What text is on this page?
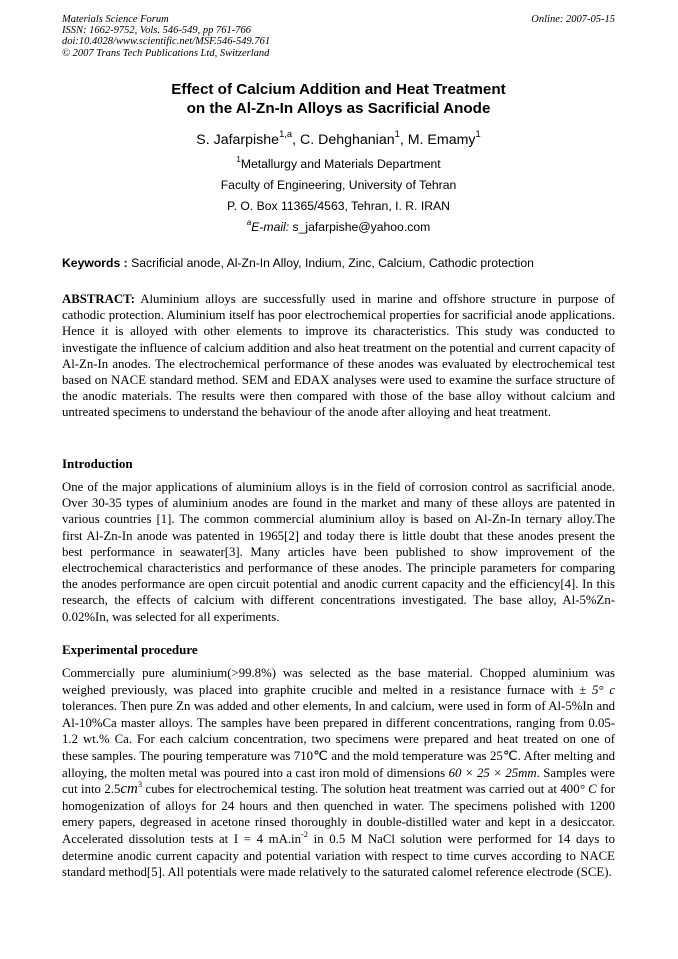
Materials Science Forum
ISSN: 1662-9752, Vols. 546-549, pp 761-766
doi:10.4028/www.scientific.net/MSF.546-549.761
© 2007 Trans Tech Publications Ltd, Switzerland
Online: 2007-05-15
Effect of Calcium Addition and Heat Treatment
on the Al-Zn-In Alloys as Sacrificial Anode
S. Jafarpishe$^{1,a}$, C. Dehghanian$^1$, M. Emamy$^1$
$^1$Metallurgy and Materials Department
Faculty of Engineering, University of Tehran
P. O. Box 11365/4563, Tehran, I. R. IRAN
$^a$E-mail: s_jafarpishe@yahoo.com
Keywords : Sacrificial anode, Al-Zn-In Alloy, Indium, Zinc, Calcium, Cathodic protection
ABSTRACT: Aluminium alloys are successfully used in marine and offshore structure in purpose of cathodic protection. Aluminium itself has poor electrochemical properties for sacrificial anode applications. Hence it is alloyed with other elements to improve its characteristics. This study was conducted to investigate the influence of calcium addition and also heat treatment on the potential and current capacity of Al-Zn-In anodes. The electrochemical performance of these anodes was evaluated by electrochemical test based on NACE standard method. SEM and EDAX analyses were used to examine the surface structure of the anodic materials. The results were then compared with those of the base alloy without calcium and untreated specimens to understand the behaviour of the anode after alloying and heat treatment.
Introduction
One of the major applications of aluminium alloys is in the field of corrosion control as sacrificial anode. Over 30-35 types of aluminium anodes are found in the market and many of these alloys are patented in various countries [1]. The common commercial aluminium alloy is based on Al-Zn-In ternary alloy.The first Al-Zn-In anode was patented in 1965[2] and today there is little doubt that these anodes present the best performance in seawater[3]. Many articles have been published to show improvement of the electrochemical characteristics and performance of these anodes. The principle parameters for comparing the anodes performance are open circuit potential and anodic current capacity and the efficiency[4]. In this research, the effects of calcium with different concentrations investigated. The base alloy, Al-5%Zn-0.02%In, was selected for all experiments.
Experimental procedure
Commercially pure aluminium(>99.8%) was selected as the base material. Chopped aluminium was weighed previously, was placed into graphite crucible and melted in a resistance furnace with ± 5° c tolerances. Then pure Zn was added and other elements, In and calcium, were used in form of Al-5%In and Al-10%Ca master alloys. The samples have been prepared in different concentrations, ranging from 0.05-1.2 wt.% Ca. For each calcium concentration, two specimens were prepared and heat treated on one of these samples. The pouring temperature was 710℃ and the mold temperature was 25℃. After melting and alloying, the molten metal was poured into a cast iron mold of dimensions 60 × 25 × 25mm. Samples were cut into $2.5cm^3$ cubes for electrochemical testing. The solution heat treatment was carried out at 400° C for homogenization of alloys for 24 hours and then quenched in water. The specimens polished with 1200 emery papers, degreased in acetone rinsed thoroughly in double-distilled water and kept in a desiccator. Accelerated dissolution tests at I = 4 $mA.in^{-2}$ in 0.5 M NaCl solution were performed for 14 days to determine anodic current capacity and potential variation with respect to time curves according to NACE standard method[5]. All potentials were made relatively to the saturated calomel reference electrode (SCE).
